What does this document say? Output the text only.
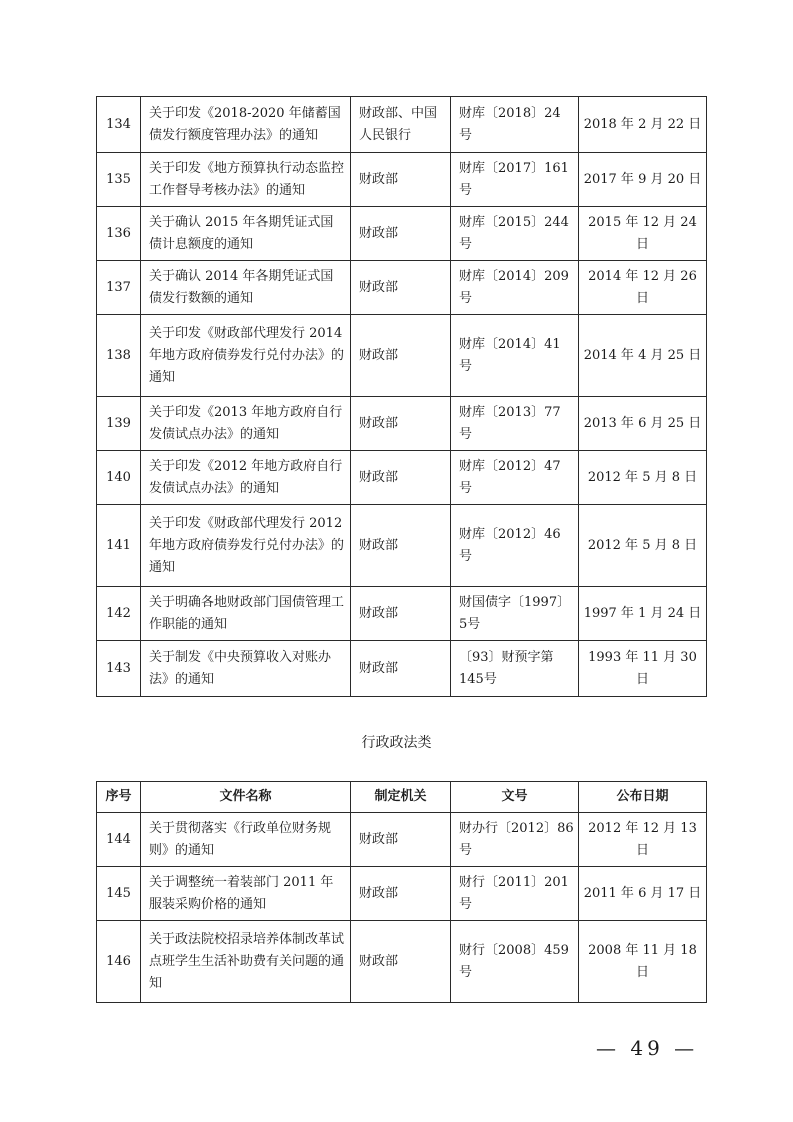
134	关于印发《2018-2020 年储蓄国债发行额度管理办法》的通知	财政部、中国人民银行	财库〔2018〕24 号	2018 年 2 月 22 日
135	关于印发《地方预算执行动态监控工作督导考核办法》的通知	财政部	财库〔2017〕161 号	2017 年 9 月 20 日
136	关于确认 2015 年各期凭证式国债计息额度的通知	财政部	财库〔2015〕244 号	2015 年 12 月 24 日
137	关于确认 2014 年各期凭证式国债发行数额的通知	财政部	财库〔2014〕209 号	2014 年 12 月 26 日
138	关于印发《财政部代理发行 2014 年地方政府债券发行兑付办法》的通知	财政部	财库〔2014〕41 号	2014 年 4 月 25 日
139	关于印发《2013 年地方政府自行发债试点办法》的通知	财政部	财库〔2013〕77 号	2013 年 6 月 25 日
140	关于印发《2012 年地方政府自行发债试点办法》的通知	财政部	财库〔2012〕47 号	2012 年 5 月 8 日
141	关于印发《财政部代理发行 2012 年地方政府债券发行兑付办法》的通知	财政部	财库〔2012〕46 号	2012 年 5 月 8 日
142	关于明确各地财政部门国债管理工作职能的通知	财政部	财国债字〔1997〕5号	1997 年 1 月 24 日
143	关于制发《中央预算收入对账办法》的通知	财政部	〔93〕财预字第 145号	1993 年 11 月 30 日
行政政法类
序号	文件名称	制定机关	文号	公布日期
144	关于贯彻落实《行政单位财务规则》的通知	财政部	财办行〔2012〕86号	2012 年 12 月 13 日
145	关于调整统一着装部门 2011 年服装采购价格的通知	财政部	财行〔2011〕201 号	2011 年 6 月 17 日
146	关于政法院校招录培养体制改革试点班学生生活补助费有关问题的通知	财政部	财行〔2008〕459 号	2008 年 11 月 18 日
— 49 —
